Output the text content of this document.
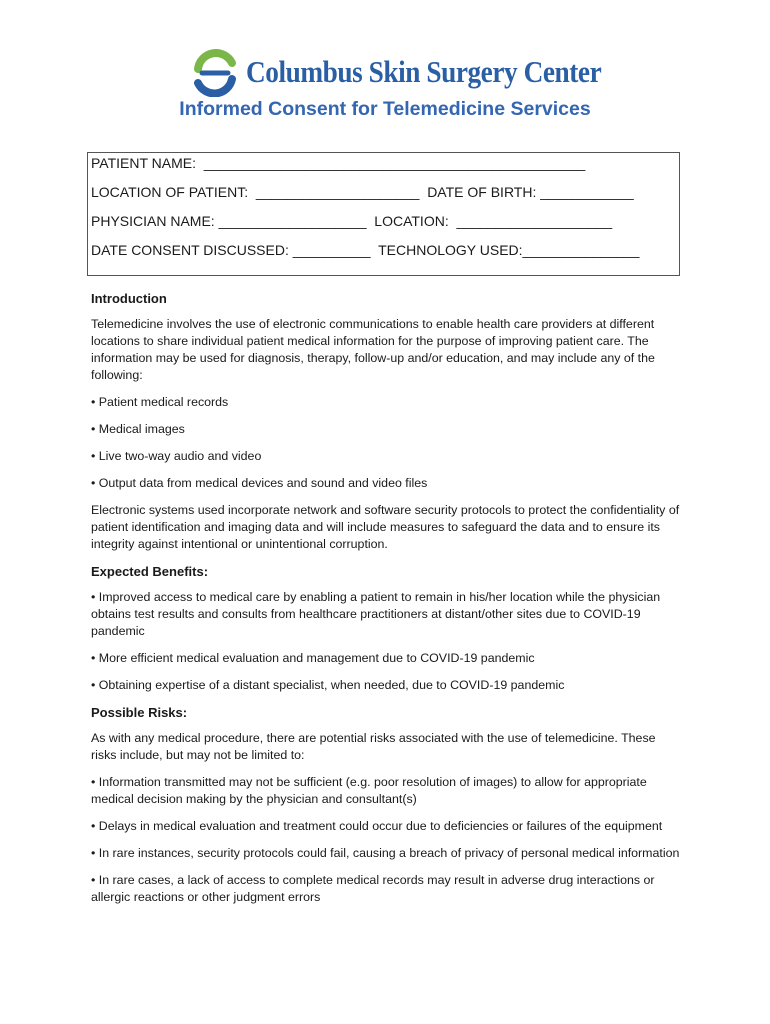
Columbus Skin Surgery Center
Informed Consent for Telemedicine Services
PATIENT NAME:  _________________________________________________
LOCATION OF PATIENT:  _____________________  DATE OF BIRTH: ____________
PHYSICIAN NAME: ___________________  LOCATION:  ____________________
DATE CONSENT DISCUSSED: __________  TECHNOLOGY USED:_______________
Introduction

Telemedicine involves the use of electronic communications to enable health care providers at different locations to share individual patient medical information for the purpose of improving patient care. The information may be used for diagnosis, therapy, follow-up and/or education, and may include any of the following:

• Patient medical records

• Medical images

• Live two-way audio and video

• Output data from medical devices and sound and video files

Electronic systems used incorporate network and software security protocols to protect the confidentiality of patient identification and imaging data and will include measures to safeguard the data and to ensure its integrity against intentional or unintentional corruption.

Expected Benefits:

• Improved access to medical care by enabling a patient to remain in his/her location while the physician obtains test results and consults from healthcare practitioners at distant/other sites due to COVID-19 pandemic

• More efficient medical evaluation and management due to COVID-19 pandemic

• Obtaining expertise of a distant specialist, when needed, due to COVID-19 pandemic

Possible Risks:

As with any medical procedure, there are potential risks associated with the use of telemedicine. These risks include, but may not be limited to:

• Information transmitted may not be sufficient (e.g. poor resolution of images) to allow for appropriate medical decision making by the physician and consultant(s)

• Delays in medical evaluation and treatment could occur due to deficiencies or failures of the equipment

• In rare instances, security protocols could fail, causing a breach of privacy of personal medical information

• In rare cases, a lack of access to complete medical records may result in adverse drug interactions or allergic reactions or other judgment errors
